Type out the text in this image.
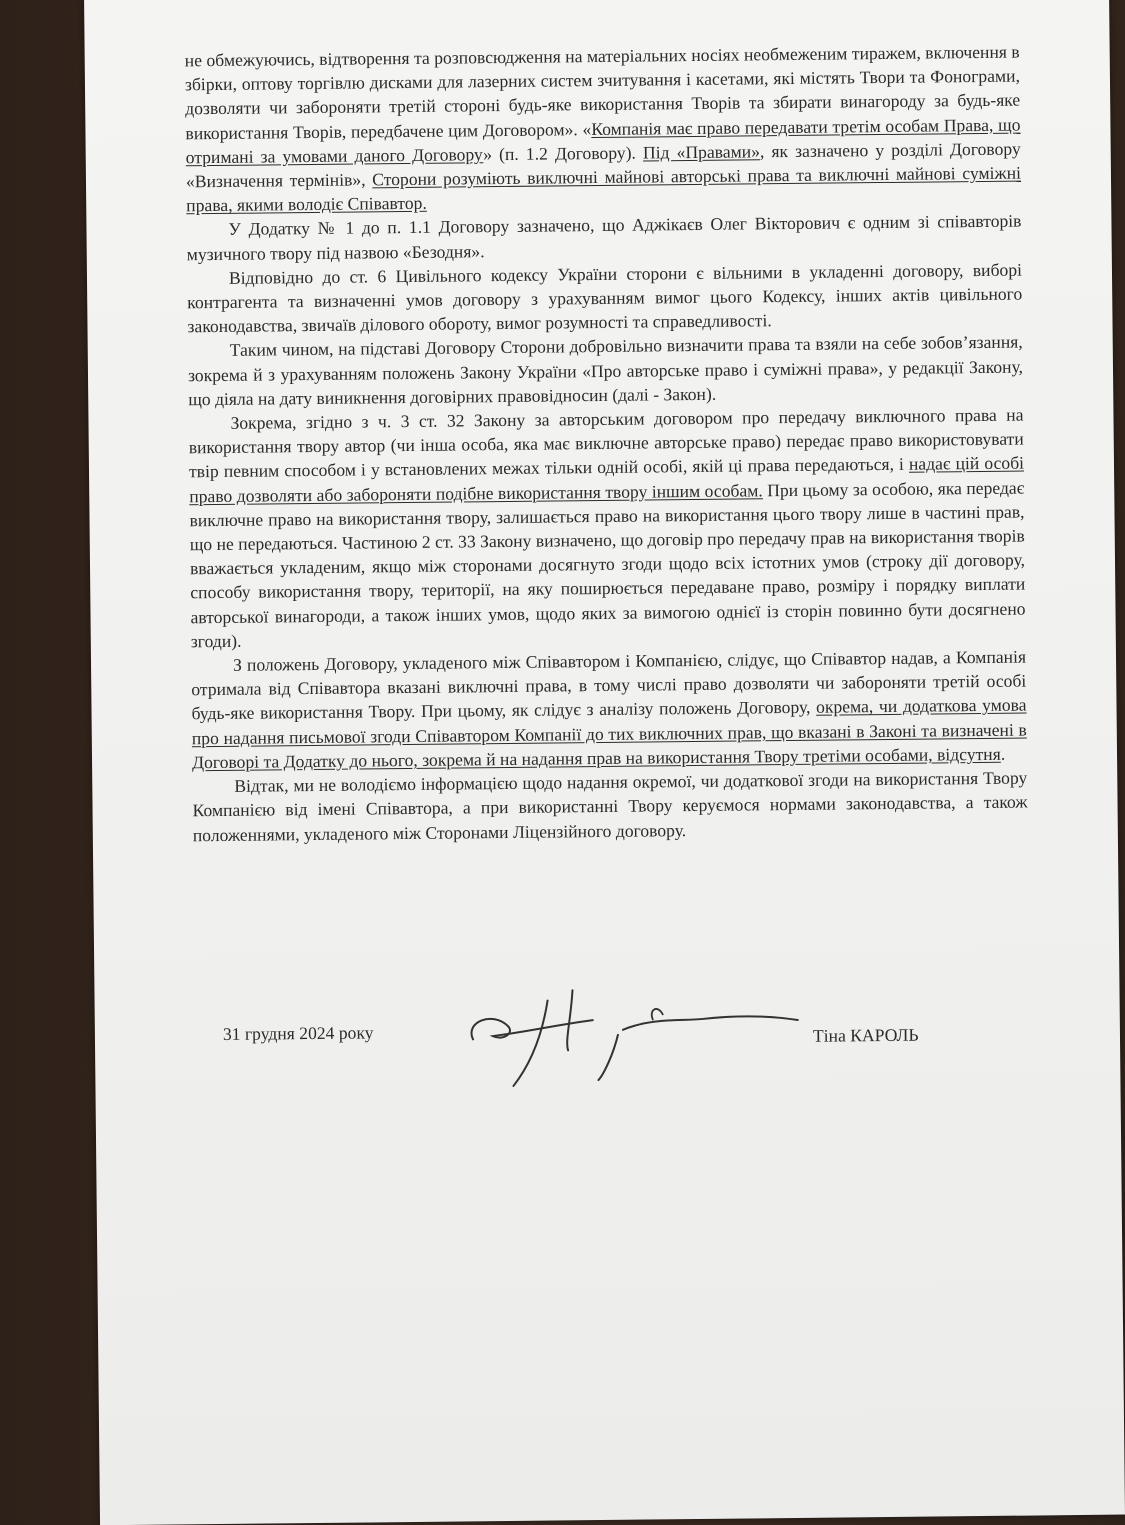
не обмежуючись, відтворення та розповсюдження на матеріальних носіях необмеженим тиражем, включення в збірки, оптову торгівлю дисками для лазерних систем зчитування і касетами, які містять Твори та Фонограми, дозволяти чи забороняти третій стороні будь-яке використання Творів та збирати винагороду за будь-яке використання Творів, передбачене цим Договором». «Компанія має право передавати третім особам Права, що отримані за умовами даного Договору» (п. 1.2 Договору). Під «Правами», як зазначено у розділі Договору «Визначення термінів», Сторони розуміють виключні майнові авторські права та виключні майнові суміжні права, якими володіє Співавтор.

У Додатку № 1 до п. 1.1 Договору зазначено, що Аджікаєв Олег Вікторович є одним зі співавторів музичного твору під назвою «Безодня».

Відповідно до ст. 6 Цивільного кодексу України сторони є вільними в укладенні договору, виборі контрагента та визначенні умов договору з урахуванням вимог цього Кодексу, інших актів цивільного законодавства, звичаїв ділового обороту, вимог розумності та справедливості.

Таким чином, на підставі Договору Сторони добровільно визначити права та взяли на себе зобов’язання, зокрема й з урахуванням положень Закону України «Про авторське право і суміжні права», у редакції Закону, що діяла на дату виникнення договірних правовідносин (далі - Закон).

Зокрема, згідно з ч. 3 ст. 32 Закону за авторським договором про передачу виключного права на використання твору автор (чи інша особа, яка має виключне авторське право) передає право використовувати твір певним способом і у встановлених межах тільки одній особі, якій ці права передаються, і надає цій особі право дозволяти або забороняти подібне використання твору іншим особам. При цьому за особою, яка передає виключне право на використання твору, залишається право на використання цього твору лише в частині прав, що не передаються. Частиною 2 ст. 33 Закону визначено, що договір про передачу прав на використання творів вважається укладеним, якщо між сторонами досягнуто згоди щодо всіх істотних умов (строку дії договору, способу використання твору, території, на яку поширюється передаване право, розміру і порядку виплати авторської винагороди, а також інших умов, щодо яких за вимогою однієї із сторін повинно бути досягнено згоди).

З положень Договору, укладеного між Співавтором і Компанією, слідує, що Співавтор надав, а Компанія отримала від Співавтора вказані виключні права, в тому числі право дозволяти чи забороняти третій особі будь-яке використання Твору. При цьому, як слідує з аналізу положень Договору, окрема, чи додаткова умова про надання письмової згоди Співавтором Компанії до тих виключних прав, що вказані в Законі та визначені в Договорі та Додатку до нього, зокрема й на надання прав на використання Твору третіми особами, відсутня.

Відтак, ми не володіємо інформацією щодо надання окремої, чи додаткової згоди на використання Твору Компанією від імені Співавтора, а при використанні Твору керуємося нормами законодавства, а також положеннями, укладеного між Сторонами Ліцензійного договору.

31 грудня 2024 року	Тіна КАРОЛЬ
